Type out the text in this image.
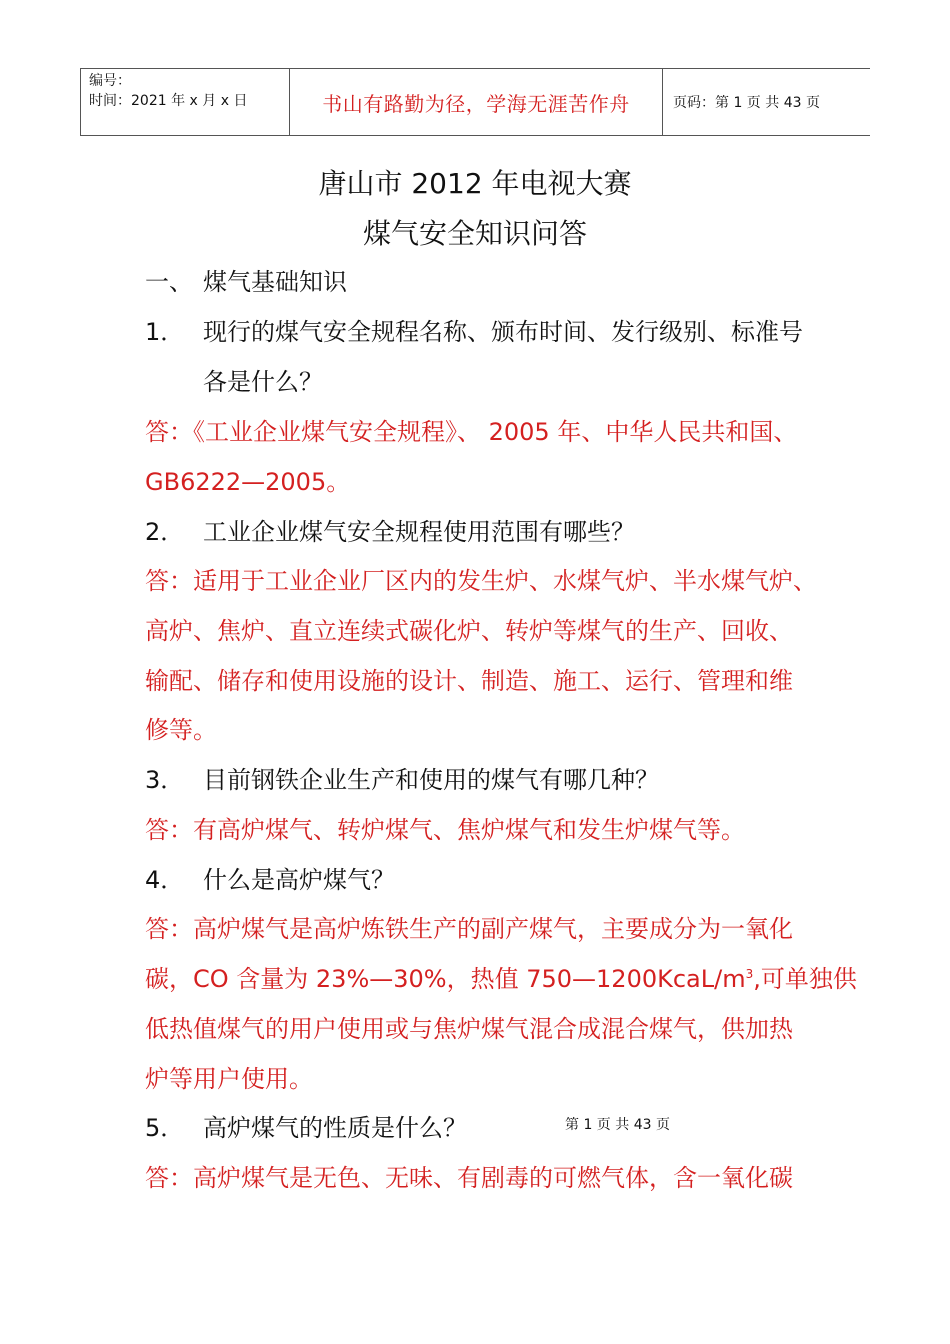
编号：
时间：2021 年 x 月 x 日	书山有路勤为径，学海无涯苦作舟	页码：第 1 页 共 43 页
唐山市 2012 年电视大赛
煤气安全知识问答
一、 煤气基础知识
1． 现行的煤气安全规程名称、颁布时间、发行级别、标准号
各是什么？
答：《工业企业煤气安全规程》、 2005 年、中华人民共和国、
GB6222—2005。
2． 工业企业煤气安全规程使用范围有哪些？
答：适用于工业企业厂区内的发生炉、水煤气炉、半水煤气炉、
高炉、焦炉、直立连续式碳化炉、转炉等煤气的生产、回收、
输配、储存和使用设施的设计、制造、施工、运行、管理和维
修等。
3． 目前钢铁企业生产和使用的煤气有哪几种？
答：有高炉煤气、转炉煤气、焦炉煤气和发生炉煤气等。
4． 什么是高炉煤气？
答：高炉煤气是高炉炼铁生产的副产煤气，主要成分为一氧化
碳，CO 含量为 23%—30%，热值 $750—1200KcaL/m^3$,可单独供
低热值煤气的用户使用或与焦炉煤气混合成混合煤气，供加热
炉等用户使用。
5． 高炉煤气的性质是什么？	第 1 页 共 43 页
答：高炉煤气是无色、无味、有剧毒的可燃气体，含一氧化碳
